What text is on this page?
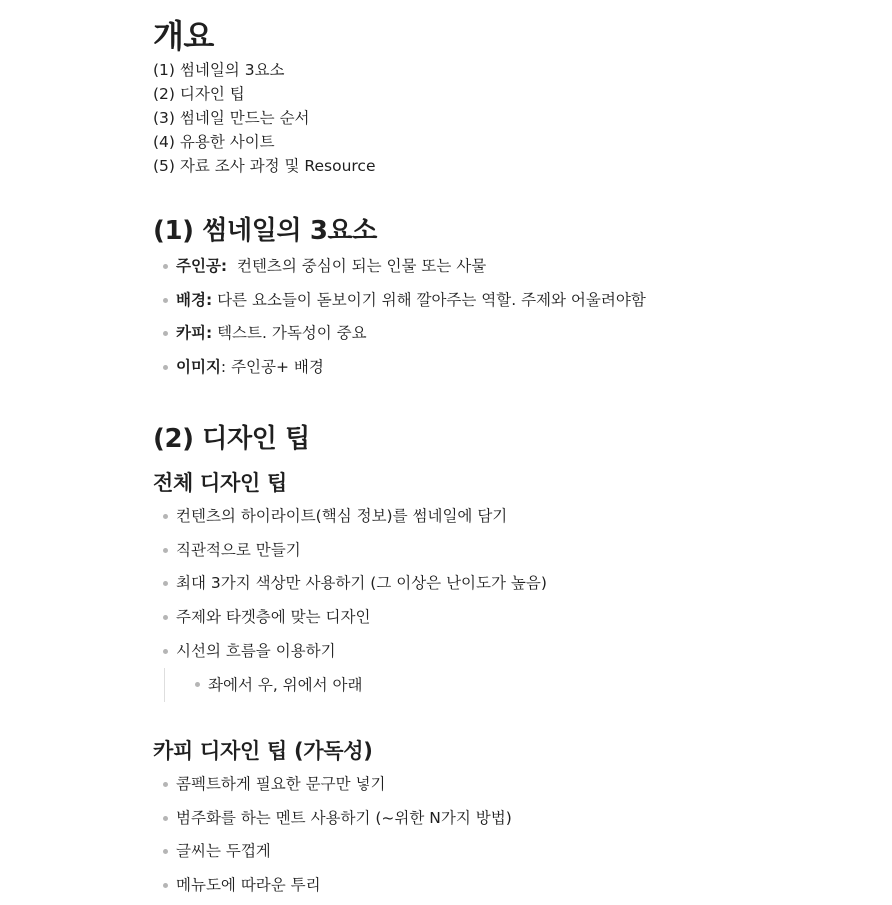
개요
(1) 썸네일의 3요소
(2) 디자인 팁
(3) 썸네일 만드는 순서
(4) 유용한 사이트
(5) 자료 조사 과정 및 Resource
(1) 썸네일의 3요소
주인공:  컨텐츠의 중심이 되는 인물 또는 사물
배경: 다른 요소들이 돋보이기 위해 깔아주는 역할. 주제와 어울려야함
카피: 텍스트. 가독성이 중요
이미지: 주인공+ 배경
(2) 디자인 팁
전체 디자인 팁
컨텐츠의 하이라이트(핵심 정보)를 썸네일에 담기
직관적으로 만들기
최대 3가지 색상만 사용하기 (그 이상은 난이도가 높음)
주제와 타겟층에 맞는 디자인
시선의 흐름을 이용하기
좌에서 우, 위에서 아래
카피 디자인 팁 (가독성)
콤펙트하게 필요한 문구만 넣기
범주화를 하는 멘트 사용하기 (~위한 N가지 방법)
글씨는 두껍게
메뉴도에 따라운 투리
